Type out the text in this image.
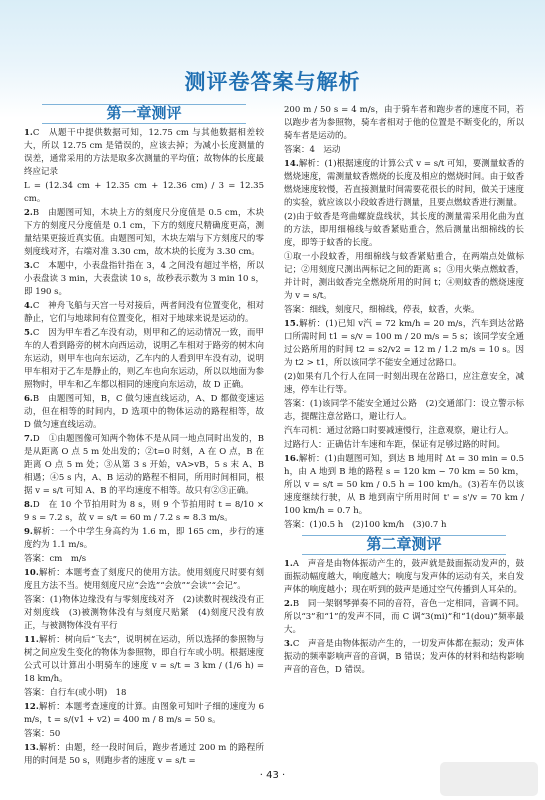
测评卷答案与解析
第一章测评
1.C　从题干中提供数据可知，12.75 cm 与其他数据相差较大，所以 12.75 cm 是错误的，应该去掉；为减小长度测量的误差，通常采用的方法是取多次测量的平均值；故物体的长度最终应记录
L = (12.34 cm + 12.35 cm + 12.36 cm) / 3 = 12.35 cm。
2.B　由题图可知，木块上方的刻度尺分度值是 0.5 cm，木块下方的刻度尺分度值是 0.1 cm，下方的刻度尺精确度更高，测量结果更接近真实值。由题图可知，木块左端与下方刻度尺的零刻度线对齐，右端对准 3.30 cm，故木块的长度为 3.30 cm。
3.C　本题中，小表盘指针指在 3，4 之间没有超过半格，所以小表盘读 3 min，大表盘读 10 s，故秒表示数为 3 min 10 s，即 190 s。
4.C　神舟飞船与天宫一号对接后，两者间没有位置变化，相对静止，它们与地球间有位置变化，相对于地球来说是运动的。
5.C　因为甲车看乙车没有动，则甲和乙的运动情况一致，而甲车的人看到路旁的树木向西运动，说明乙车相对于路旁的树木向东运动，则甲车也向东运动，乙车内的人看到甲车没有动，说明甲车相对于乙车是静止的，则乙车也向东运动，所以以地面为参照物时，甲车和乙车都以相同的速度向东运动，故 D 正确。
6.B　由题图可知，B，C 做匀速直线运动，A、D 都做变速运动，但在相等的时间内，D 选项中的物体运动的路程相等，故 D 做匀速直线运动。
7.D　①由题图像可知两个物体不是从同一地点同时出发的，B 是从距离 O 点 5 m 处出发的；②t=0 时刻，A 在 O 点，B 在距离 O 点 5 m 处；③从第 3 s 开始，vA>vB，5 s 末 A、B 相遇；④5 s 内，A、B 运动的路程不相同，所用时间相同，根据 v = s/t 可知 A、B 的平均速度不相等。故只有②③正确。
8.D　在 10 个节拍用时为 8 s，则 9 个节拍用时 t = 8/10 × 9 s = 7.2 s，故 v = s/t = 60 m / 7.2 s ≈ 8.3 m/s。
9.解析：一个中学生身高约为 1.6 m，即 165 cm，步行的速度约为 1.1 m/s。
答案：cm　m/s
10.解析：本题考查了刻度尺的使用方法。使用刻度尺时要有刻度且方法不当。使用刻度尺应“会选”“会放”“会读”“会记”。
答案：(1)物体边缘没有与零刻度线对齐　(2)读数时视线没有正对刻度线　(3)被测物体没有与刻度尺贴紧　(4)刻度尺没有放正，与被测物体没有平行
11.解析：树向后“飞去”，说明树在运动，所以选择的参照物与树之间应发生变化的物体为参照物，即自行车或小明。根据速度公式可以计算出小明骑车的速度 v = s/t = 3 km / (1/6 h) = 18 km/h。
答案：自行车(或小明)　18
12.解析：本题考查速度的计算。由图象可知叶子细的速度为 6 m/s，t = s/(v1 + v2) = 400 m / 8 m/s = 50 s。
答案：50
13.解析：由题，经一段时间后，跑步者通过 200 m 的路程所用的时间是 50 s，则跑步者的速度 v = s/t =
200 m / 50 s = 4 m/s，由于骑车者和跑步者的速度不同，若以跑步者为参照物，骑车者相对于他的位置是不断变化的，所以骑车者是运动的。
答案：4　运动
14.解析：(1)根据速度的计算公式 v = s/t 可知，要测量蚊香的燃烧速度，需测量蚊香燃烧的长度及相应的燃烧时间。由于蚊香燃烧速度较慢，若直接测量时间需要花很长的时间，做关于速度的实验，就应该以小段蚊香进行测量，且要点燃蚊香进行测量。
(2)由于蚊香是弯曲螺旋盘线状，其长度的测量需采用化曲为直的方法，即用细棉线与蚊香紧贴重合，然后测量出细棉线的长度，即等于蚊香的长度。
①取一小段蚊香，用细棉线与蚊香紧贴重合，在两端点处做标记；②用刻度尺测出两标记之间的距离 s；③用火柴点燃蚊香，并计时，测出蚊香完全燃烧所用的时间 t；④则蚊香的燃烧速度为 v = s/t。
答案：细线，刻度尺，细棉线，停表，蚊香，火柴。
15.解析：(1)已知 v汽 = 72 km/h = 20 m/s，汽车到达岔路口所需时间 t1 = s/v = 100 m / 20 m/s = 5 s；该同学安全通过公路所用的时间 t2 = s2/v2 = 12 m / 1.2 m/s = 10 s。因为 t2 > t1，所以该同学不能安全通过岔路口。
(2)如果有几个行人在同一时刻出现在岔路口，应注意安全，减速，停车让行等。
答案：(1)该同学不能安全通过公路　(2)交通部门：设立警示标志，提醒注意岔路口，避让行人。
汽车司机：通过岔路口时要减速慢行，注意观察，避让行人。
过路行人：正确估计车速和车距，保证有足够过路的时间。
16.解析：(1)由题图可知，到达 B 地用时 Δt = 30 min = 0.5 h，由 A 地到 B 地的路程 s = 120 km − 70 km = 50 km，所以 v = s/t = 50 km / 0.5 h = 100 km/h。(3)若车仍以该速度继续行驶，从 B 地到南宁所用时间 t' = s'/v = 70 km / 100 km/h = 0.7 h。
答案：(1)0.5 h　(2)100 km/h　(3)0.7 h
第二章测评
1.A　声音是由物体振动产生的，鼓声就是鼓面振动发声的，鼓面振动幅度越大，响度越大；响度与发声体的运动有关，来自发声体的响度越小；现在听到的鼓声是通过空气传播到人耳朵的。
2.B　同一架钢琴弹奏不同的音符，音色一定相同，音调不同。所以“3”和“1”的发声不同，而 C 调“3(mi)”和“1(dou)”频率最大。
3.C　声音是由物体振动产生的，一切发声体都在振动；发声体振动的频率影响声音的音调，B 错误；发声体的材料和结构影响声音的音色，D 错误。
· 43 ·
